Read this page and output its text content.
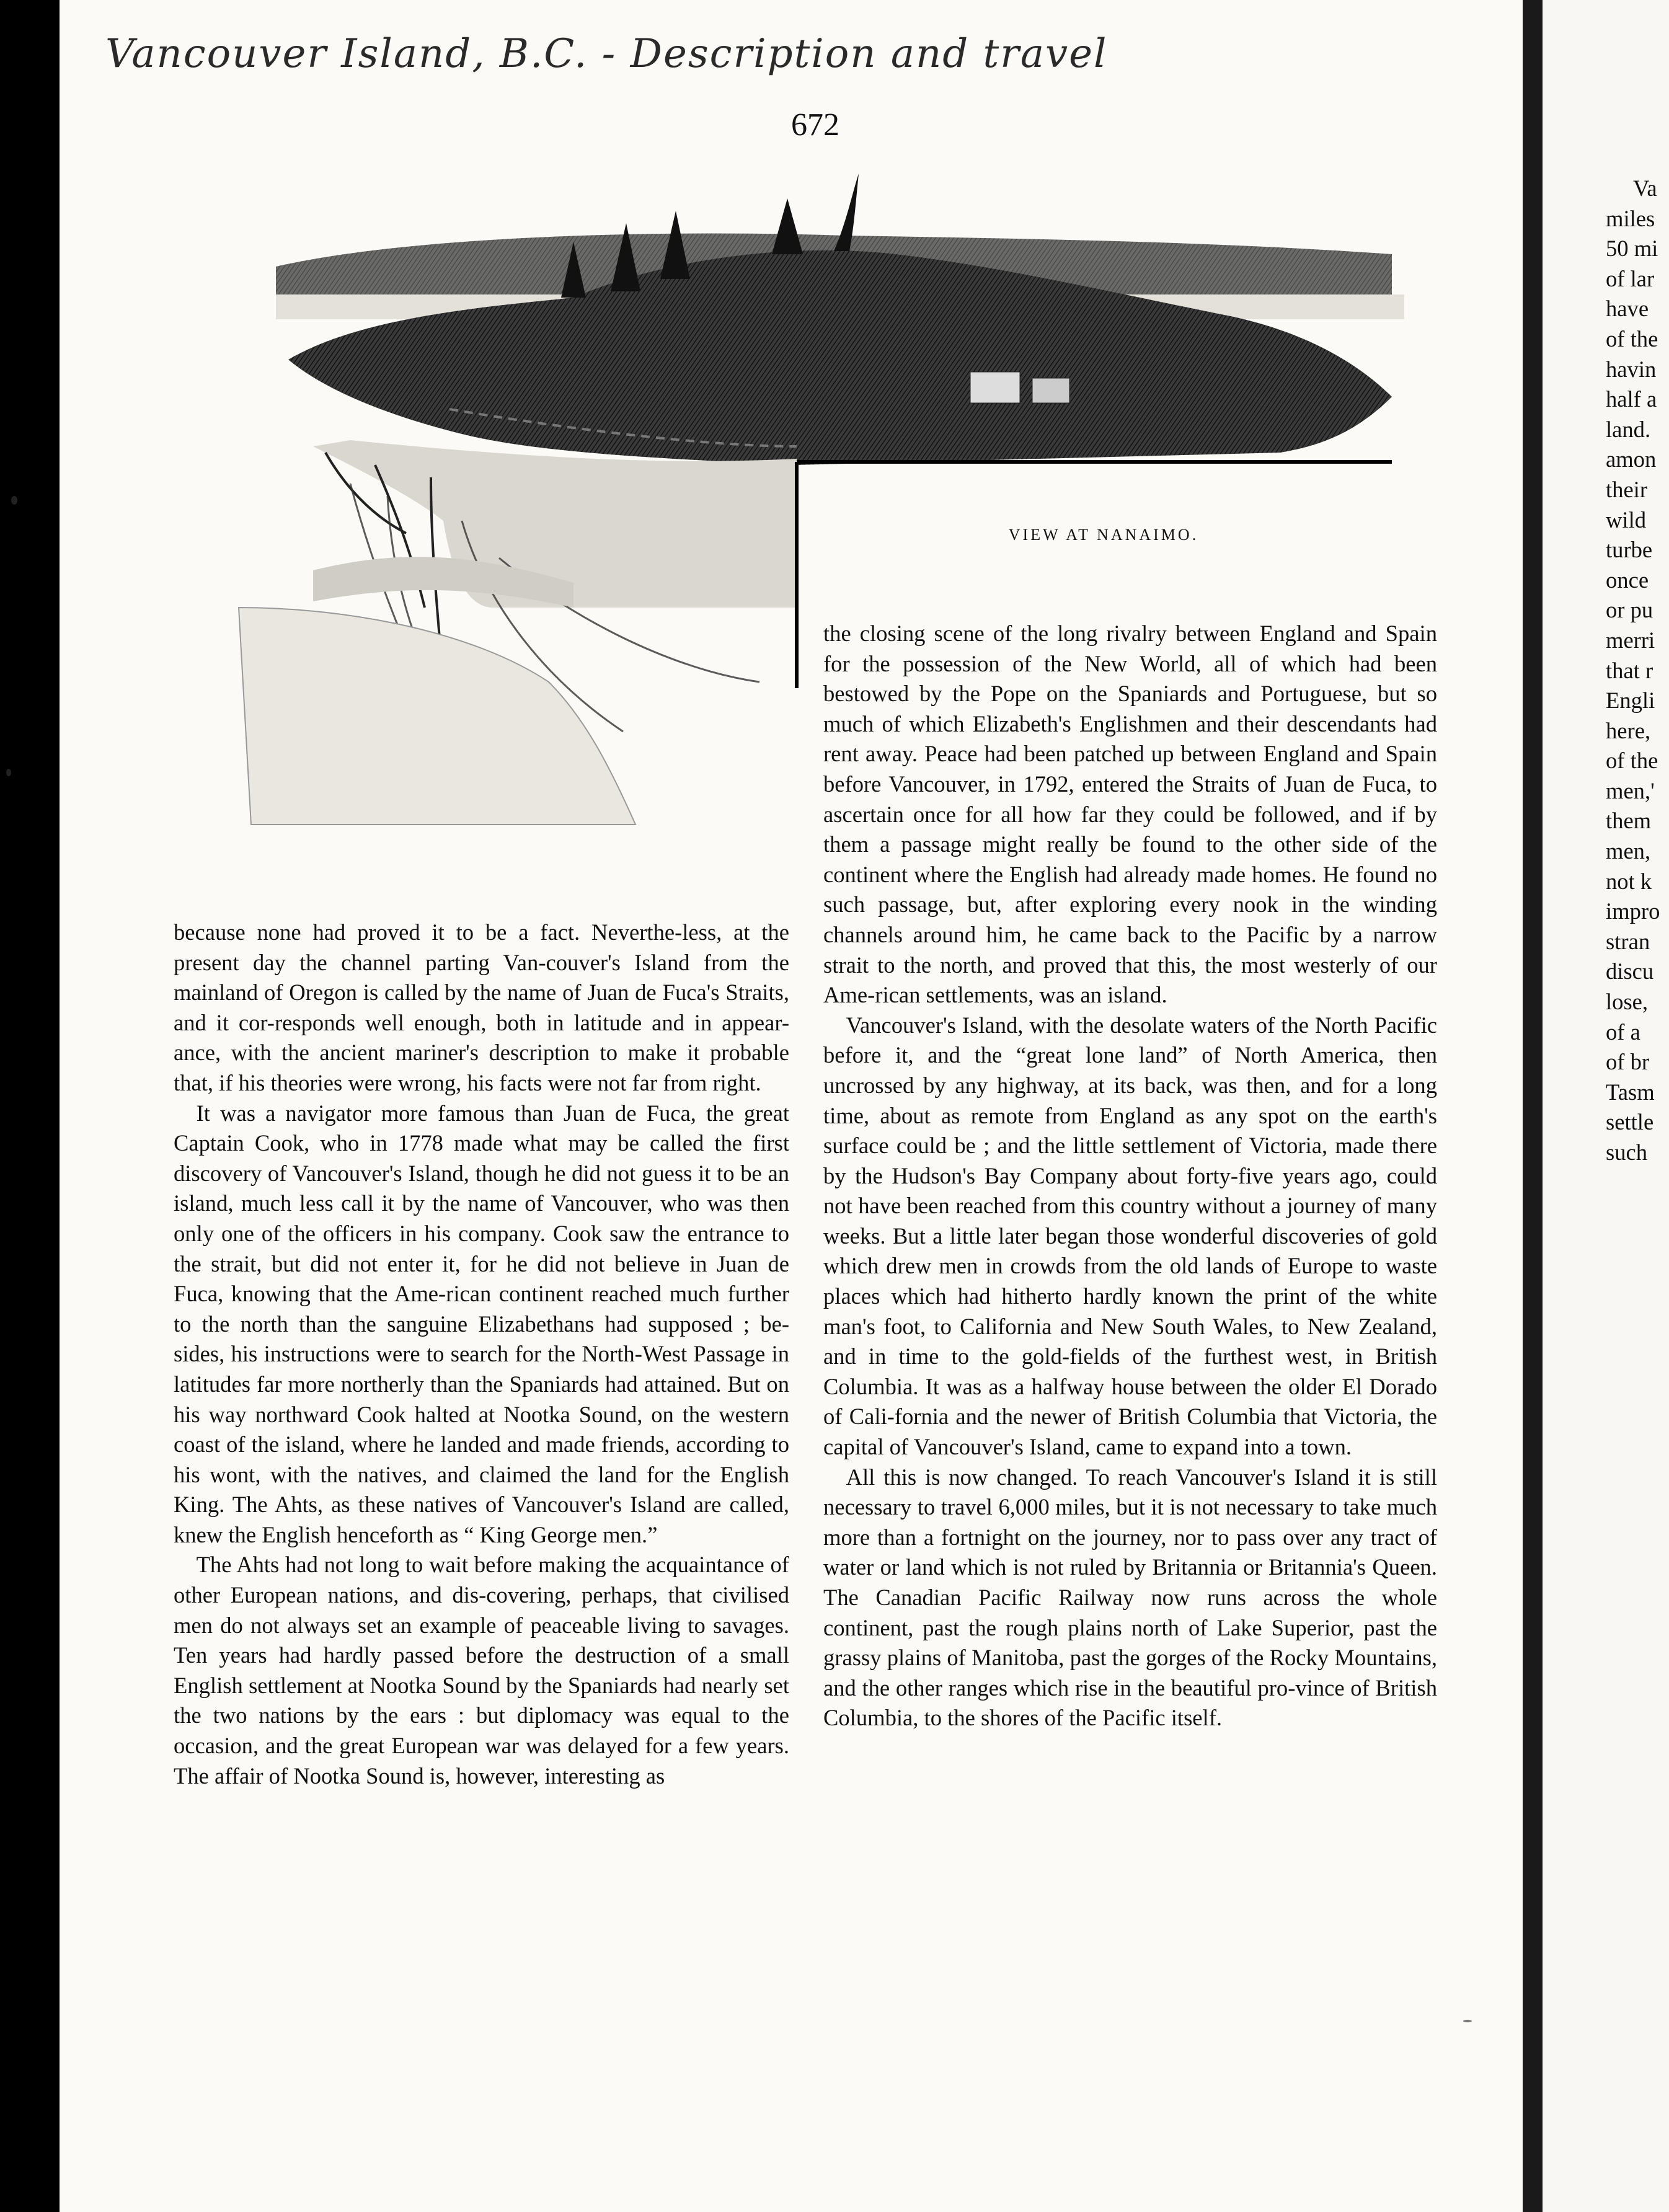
Vancouver Island, B.C. - Description and travel
672
VIEW AT NANAIMO.

because none had proved it to be a fact. Neverthe-less, at the present day the channel parting Van-couver's Island from the mainland of Oregon is called by the name of Juan de Fuca's Straits, and it cor-responds well enough, both in latitude and in appear-ance, with the ancient mariner's description to make it probable that, if his theories were wrong, his facts were not far from right.

It was a navigator more famous than Juan de Fuca, the great Captain Cook, who in 1778 made what may be called the first discovery of Vancouver's Island, though he did not guess it to be an island, much less call it by the name of Vancouver, who was then only one of the officers in his company. Cook saw the entrance to the strait, but did not enter it, for he did not believe in Juan de Fuca, knowing that the Ame-rican continent reached much further to the north than the sanguine Elizabethans had supposed ; be-sides, his instructions were to search for the North-West Passage in latitudes far more northerly than the Spaniards had attained. But on his way northward Cook halted at Nootka Sound, on the western coast of the island, where he landed and made friends, according to his wont, with the natives, and claimed the land for the English King. The Ahts, as these natives of Vancouver's Island are called, knew the English henceforth as “ King George men.”

The Ahts had not long to wait before making the acquaintance of other European nations, and dis-covering, perhaps, that civilised men do not always set an example of peaceable living to savages. Ten years had hardly passed before the destruction of a small English settlement at Nootka Sound by the Spaniards had nearly set the two nations by the ears : but diplomacy was equal to the occasion, and the great European war was delayed for a few years. The affair of Nootka Sound is, however, interesting as

the closing scene of the long rivalry between England and Spain for the possession of the New World, all of which had been bestowed by the Pope on the Spaniards and Portuguese, but so much of which Elizabeth's Englishmen and their descendants had rent away. Peace had been patched up between England and Spain before Vancouver, in 1792, entered the Straits of Juan de Fuca, to ascertain once for all how far they could be followed, and if by them a passage might really be found to the other side of the continent where the English had already made homes. He found no such passage, but, after exploring every nook in the winding channels around him, he came back to the Pacific by a narrow strait to the north, and proved that this, the most westerly of our Ame-rican settlements, was an island.

Vancouver's Island, with the desolate waters of the North Pacific before it, and the “great lone land” of North America, then uncrossed by any highway, at its back, was then, and for a long time, about as remote from England as any spot on the earth's surface could be ; and the little settlement of Victoria, made there by the Hudson's Bay Company about forty-five years ago, could not have been reached from this country without a journey of many weeks. But a little later began those wonderful discoveries of gold which drew men in crowds from the old lands of Europe to waste places which had hitherto hardly known the print of the white man's foot, to California and New South Wales, to New Zealand, and in time to the gold-fields of the furthest west, in British Columbia. It was as a halfway house between the older El Dorado of Cali-fornia and the newer of British Columbia that Victoria, the capital of Vancouver's Island, came to expand into a town.

All this is now changed. To reach Vancouver's Island it is still necessary to travel 6,000 miles, but it is not necessary to take much more than a fortnight on the journey, nor to pass over any tract of water or land which is not ruled by Britannia or Britannia's Queen. The Canadian Pacific Railway now runs across the whole continent, past the rough plains north of Lake Superior, past the grassy plains of Manitoba, past the gorges of the Rocky Mountains, and the other ranges which rise in the beautiful pro-vince of British Columbia, to the shores of the Pacific itself.

Va
miles
50 mi
of lar
have
of the
havin
half a
land.
amon
their
wild
turbe
once
or pu
merri
that r
Engli
here,
of the
men,'
them
men,
not k
impro
stran
discu
lose,
of a
of br
Tasm
settle
such
